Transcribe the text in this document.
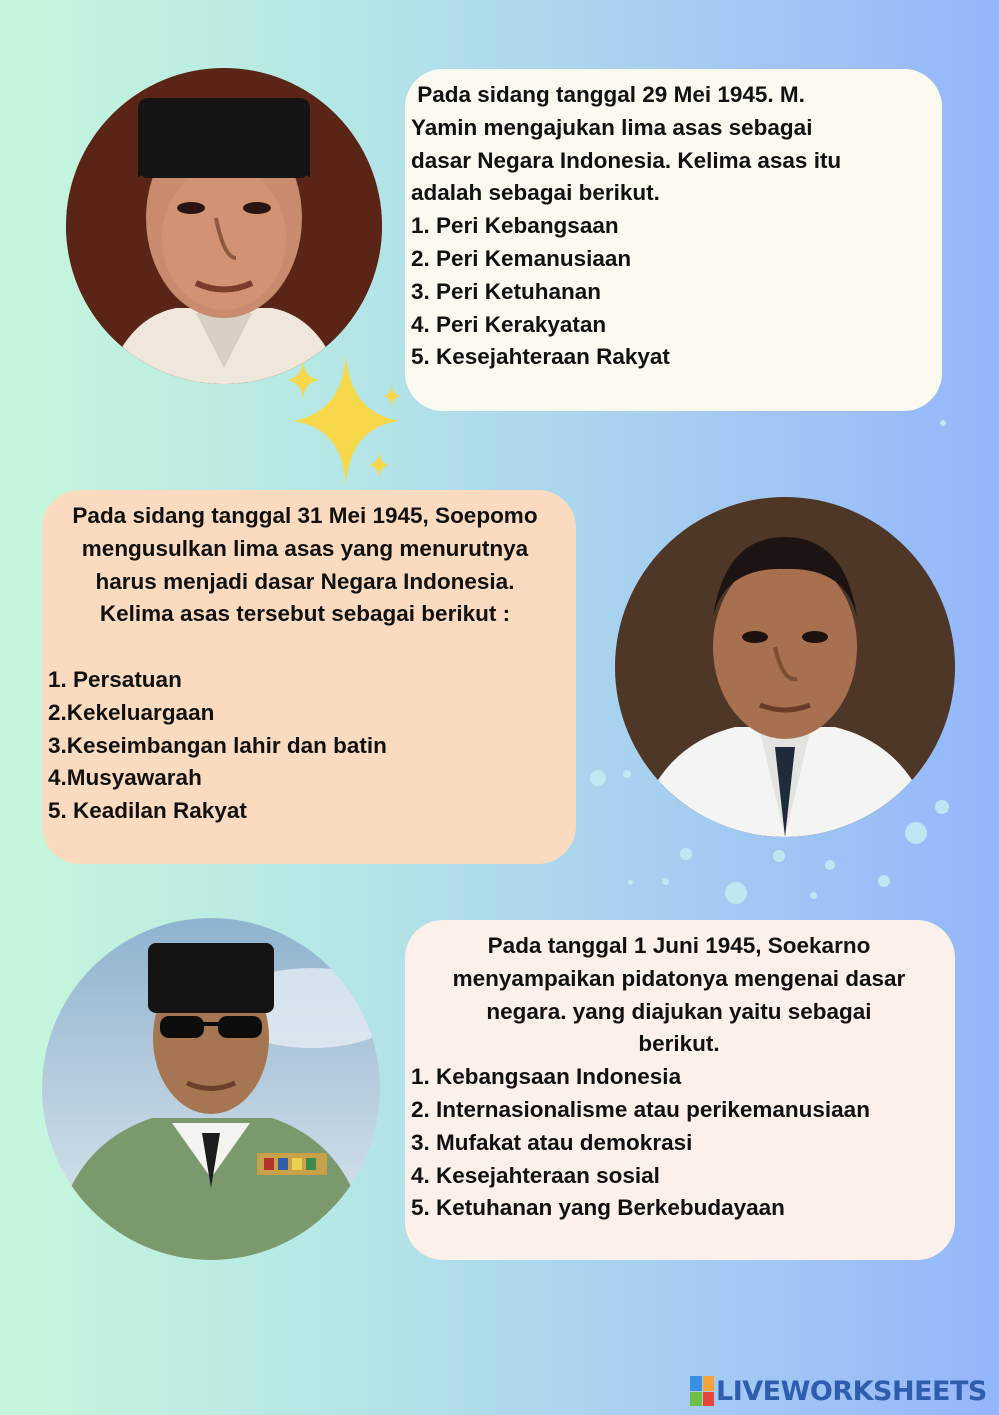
Pada sidang tanggal 29 Mei 1945. M.
Yamin mengajukan lima asas sebagai
dasar Negara Indonesia. Kelima asas itu
adalah sebagai berikut.
1. Peri Kebangsaan
2. Peri Kemanusiaan
3. Peri Ketuhanan
4. Peri Kerakyatan
5. Kesejahteraan Rakyat
Pada sidang tanggal 31 Mei 1945, Soepomo
mengusulkan lima asas yang menurutnya
harus menjadi dasar Negara Indonesia.
Kelima asas tersebut sebagai berikut :
1. Persatuan
2.Kekeluargaan
3.Keseimbangan lahir dan batin
4.Musyawarah
5. Keadilan Rakyat
Pada tanggal 1 Juni 1945, Soekarno
menyampaikan pidatonya mengenai dasar
negara. yang diajukan yaitu sebagai
berikut.
1. Kebangsaan Indonesia
2. Internasionalisme atau perikemanusiaan
3. Mufakat atau demokrasi
4. Kesejahteraan sosial
5. Ketuhanan yang Berkebudayaan
LIVEWORKSHEETS
